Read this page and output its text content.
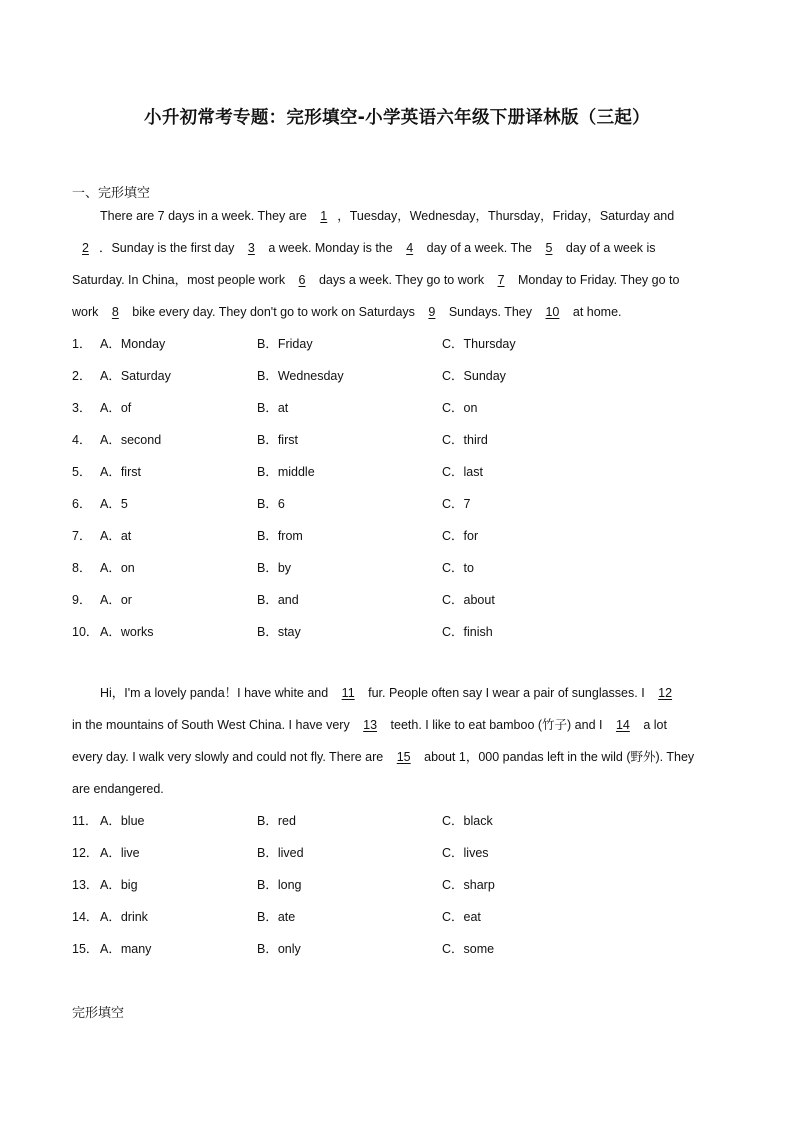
小升初常考专题：完形填空-小学英语六年级下册译林版（三起）
一、完形填空
There are 7 days in a week. They are 1 ，Tuesday，Wednesday，Thursday，Friday，Saturday and
2 ．Sunday is the first day 3 a week. Monday is the 4 day of a week. The 5 day of a week is
Saturday. In China，most people work 6 days a week. They go to work 7 Monday to Friday. They go to
work 8 bike every day. They don't go to work on Saturdays 9 Sundays. They 10 at home.
1． A．Monday	B．Friday	C．Thursday
2． A．Saturday	B．Wednesday	C．Sunday
3． A．of	B．at	C．on
4． A．second	B．first	C．third
5． A．first	B．middle	C．last
6． A．5	B．6	C．7
7． A．at	B．from	C．for
8． A．on	B．by	C．to
9． A．or	B．and	C．about
10． A．works	B．stay	C．finish
Hi，I'm a lovely panda！I have white and 11 fur. People often say I wear a pair of sunglasses. I 12
in the mountains of South West China. I have very 13 teeth. I like to eat bamboo (竹子) and I 14 a lot
every day. I walk very slowly and could not fly. There are 15 about 1，000 pandas left in the wild (野外). They
are endangered.
11． A．blue	B．red	C．black
12． A．live	B．lived	C．lives
13． A．big	B．long	C．sharp
14． A．drink	B．ate	C．eat
15． A．many	B．only	C．some
完形填空
